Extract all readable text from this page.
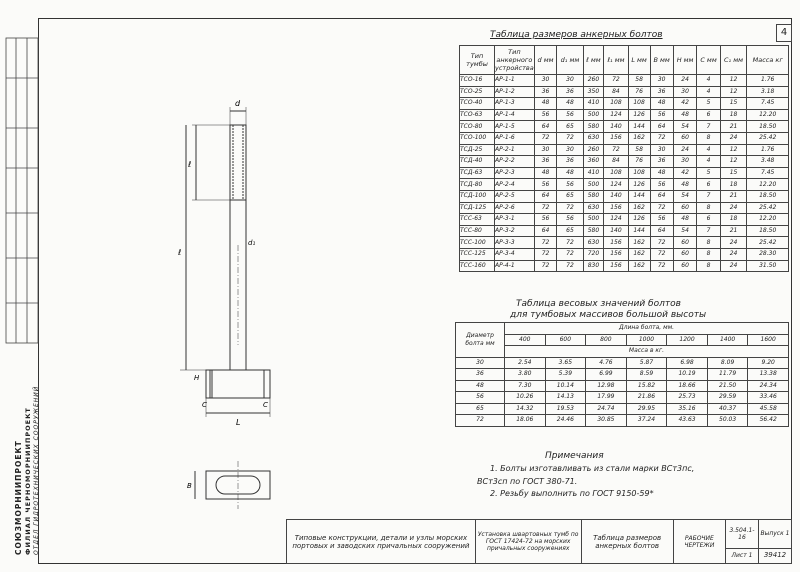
СОЮЗМОРНИИПРОЕКТ ФИЛИАЛ ЧЕРНОМОРНИИПРОЕКТ ОТДЕЛ ГИДРОТЕХНИЧЕСКИХ СООРУЖЕНИЙ
d
ℓ
ℓ
d₁
H
C	C
L
B
4
Таблица размеров анкерных болтов
Тип тумбы	Тип анкерного устройства	d мм	d₁ мм	ℓ мм	ℓ₁ мм	L мм	B мм	H мм	C мм	C₁ мм	Масса кг
ТСО-16	АР-1-1	30	30	260	72	58	30	24	4	12	1.76
ТСО-25	АР-1-2	36	36	350	84	76	36	30	4	12	3.18
ТСО-40	АР-1-3	48	48	410	108	108	48	42	5	15	7.45
ТСО-63	АР-1-4	56	56	500	124	126	56	48	6	18	12.20
ТСО-80	АР-1-5	64	65	580	140	144	64	54	7	21	18.50
ТСО-100	АР-1-6	72	72	630	156	162	72	60	8	24	25.42
ТСД-25	АР-2-1	30	30	260	72	58	30	24	4	12	1.76
ТСД-40	АР-2-2	36	36	360	84	76	36	30	4	12	3.48
ТСД-63	АР-2-3	48	48	410	108	108	48	42	5	15	7.45
ТСД-80	АР-2-4	56	56	500	124	126	56	48	6	18	12.20
ТСД-100	АР-2-5	64	65	580	140	144	64	54	7	21	18.50
ТСД-125	АР-2-6	72	72	630	156	162	72	60	8	24	25.42
ТСС-63	АР-3-1	56	56	500	124	126	56	48	6	18	12.20
ТСС-80	АР-3-2	64	65	580	140	144	64	54	7	21	18.50
ТСС-100	АР-3-3	72	72	630	156	162	72	60	8	24	25.42
ТСС-125	АР-3-4	72	72	720	156	162	72	60	8	24	28.30
ТСС-160	АР-4-1	72	72	830	156	162	72	60	8	24	31.50
Таблица весовых значений болтов
для тумбовых массивов большой высоты
Диаметр болта мм	Длина болта, мм.						
	400	600	800	1000	1200	1400	1600
	Масса в кг.						
30	2.54	3.65	4.76	5.87	6.98	8.09	9.20
36	3.80	5.39	6.99	8.59	10.19	11.79	13.38
48	7.30	10.14	12.98	15.82	18.66	21.50	24.34
56	10.26	14.13	17.99	21.86	25.73	29.59	33.46
65	14.32	19.53	24.74	29.95	35.16	40.37	45.58
72	18.06	24.46	30.85	37.24	43.63	50.03	56.42
Примечания
1. Болты изготавливать из стали марки ВСт3пс,
ВСт3сп по ГОСТ 380-71.
2. Резьбу выполнить по ГОСТ 9150-59*
Типовые конструкции, детали и узлы морских портовых и заводских причальных сооружений	Установка швартовных тумб по ГОСТ 17424-72 на морских причальных сооружениях	Таблица размеров анкерных болтов	РАБОЧИЕ ЧЕРТЕЖИ	3.504.1-16	Выпуск 1
				Лист 1	39412
